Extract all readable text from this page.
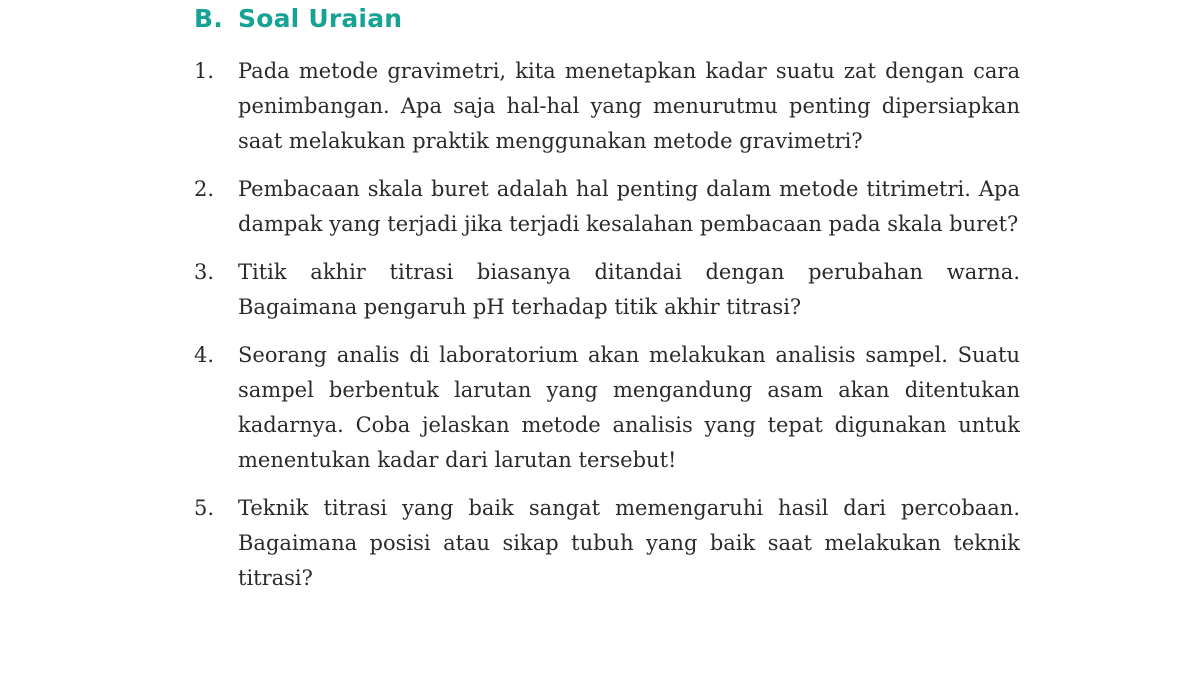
B. Soal Uraian
1.	Pada metode gravimetri, kita menetapkan kadar suatu zat dengan cara penimbangan. Apa saja hal-hal yang menurutmu penting dipersiapkan saat melakukan praktik menggunakan metode gravimetri?
2.	Pembacaan skala buret adalah hal penting dalam metode titrimetri. Apa dampak yang terjadi jika terjadi kesalahan pembacaan pada skala buret?
3.	Titik akhir titrasi biasanya ditandai dengan perubahan warna. Bagaimana pengaruh pH terhadap titik akhir titrasi?
4.	Seorang analis di laboratorium akan melakukan analisis sampel. Suatu sampel berbentuk larutan yang mengandung asam akan ditentukan kadarnya. Coba jelaskan metode analisis yang tepat digunakan untuk menentukan kadar dari larutan tersebut!
5.	Teknik titrasi yang baik sangat memengaruhi hasil dari percobaan. Bagaimana posisi atau sikap tubuh yang baik saat melakukan teknik titrasi?
